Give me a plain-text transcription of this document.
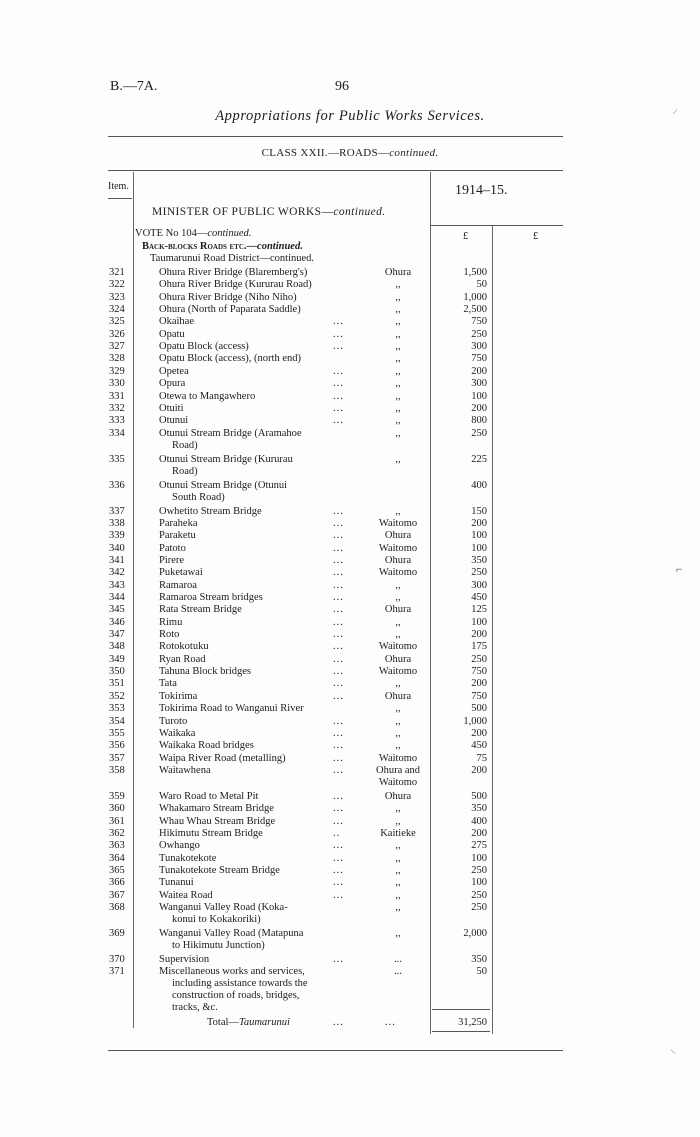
B.—7A.	96
Appropriations for Public Works Services.
CLASS XXII.—ROADS—continued.
Item.	1914–15.
MINISTER OF PUBLIC WORKS—continued.
£	£
VOTE No 104—continued.
Back-blocks Roads etc.—continued.
Taumarunui Road District—continued.
321	Ohura River Bridge (Blaremberg's)	Ohura	1,500
322	Ohura River Bridge (Kururau Road)	,,	50
323	Ohura River Bridge (Niho Niho)	,,	1,000
324	Ohura (North of Paparata Saddle)	,,	2,500
325	Okaihae	...	,,	750
326	Opatu	...	,,	250
327	Opatu Block (access)	...	,,	300
328	Opatu Block (access), (north end)	,,	750
329	Opetea	...	,,	200
330	Opura	...	,,	300
331	Otewa to Mangawhero	...	,,	100
332	Otuiti	...	,,	200
333	Otunui	...	,,	800
334	Otunui Stream Bridge (Aramahoe	,,	250
Road)
335	Otunui Stream Bridge (Kururau	,,	225
Road)
336	Otunui Stream Bridge (Otunui	400
South Road)
337	Owhetito Stream Bridge	...	,,	150
338	Paraheka	...	Waitomo	200
339	Paraketu	...	Ohura	100
340	Patoto	...	Waitomo	100
341	Pirere	...	Ohura	350
342	Puketawai	...	Waitomo	250
343	Ramaroa	...	,,	300
344	Ramaroa Stream bridges	...	,,	450
345	Rata Stream Bridge	...	Ohura	125
346	Rimu	...	,,	100
347	Roto	...	,,	200
348	Rotokotuku	...	Waitomo	175
349	Ryan Road	...	Ohura	250
350	Tahuna Block bridges	...	Waitomo	750
351	Tata	...	,,	200
352	Tokirima	...	Ohura	750
353	Tokirima Road to Wanganui River	,,	500
354	Turoto	...	,,	1,000
355	Waikaka	...	,,	200
356	Waikaka Road bridges	...	,,	450
357	Waipa River Road (metalling)	...	Waitomo	75
358	Waitawhena	...	Ohura and	200
Waitomo
359	Waro Road to Metal Pit	...	Ohura	500
360	Whakamaro Stream Bridge	...	,,	350
361	Whau Whau Stream Bridge	...	,,	400
362	Hikimutu Stream Bridge	..	Kaitieke	200
363	Owhango	...	,,	275
364	Tunakotekote	...	,,	100
365	Tunakotekote Stream Bridge	...	,,	250
366	Tunanui	...	,,	100
367	Waitea Road	...	,,	250
368	Wanganui Valley Road (Koka-	,,	250
konui to Kokakoriki)
369	Wanganui Valley Road (Matapuna	,,	2,000
to Hikimutu Junction)
370	Supervision	...	...	350
371	Miscellaneous works and services,	...	50
including assistance towards the
construction of roads, bridges,
tracks, &c.
Total—Taumarunui	...	...	31,250
⸝
⌐
⸜
